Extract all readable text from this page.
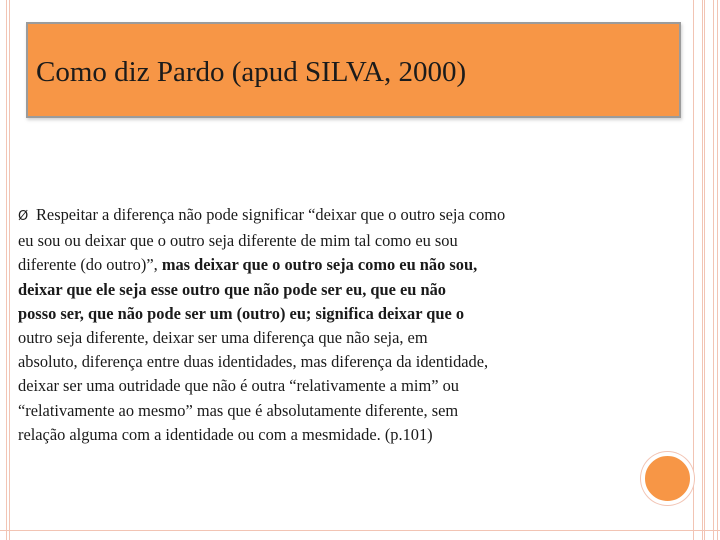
Como diz Pardo (apud SILVA, 2000)
Ø Respeitar a diferença não pode significar “deixar que o outro seja como
eu sou ou deixar que o outro seja diferente de mim tal como eu sou
diferente (do outro)”, mas deixar que o outro seja como eu não sou,
deixar que ele seja esse outro que não pode ser eu, que eu não
posso ser, que não pode ser um (outro) eu; significa deixar que o
outro seja diferente, deixar ser uma diferença que não seja, em
absoluto, diferença entre duas identidades, mas diferença da identidade,
deixar ser uma outridade que não é outra “relativamente a mim” ou
“relativamente ao mesmo” mas que é absolutamente diferente, sem
relação alguma com a identidade ou com a mesmidade. (p.101)
